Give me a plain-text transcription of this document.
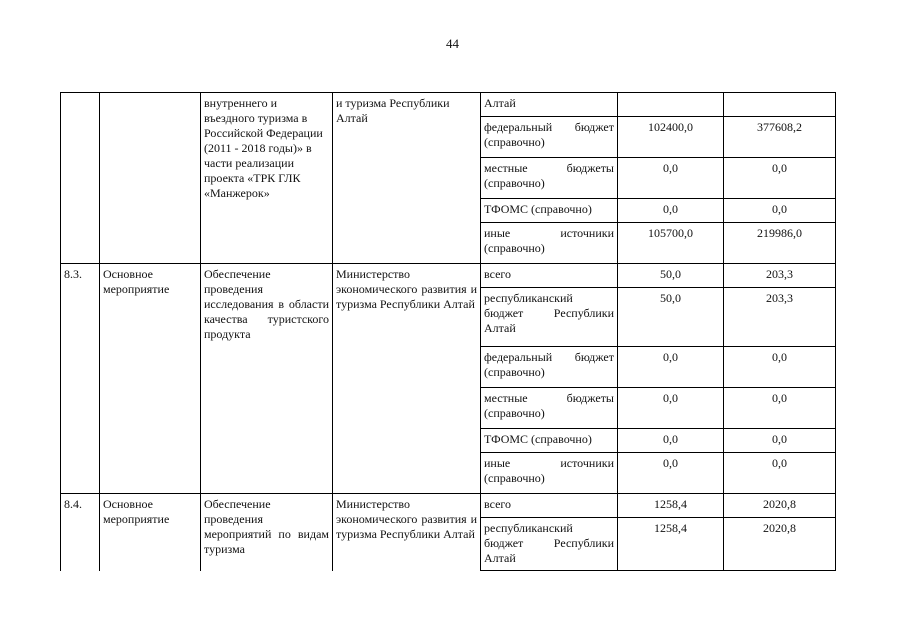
44
		внутреннего и въездного туризма в Российской Федерации (2011 - 2018 годы)» в части реализации проекта «ТРК ГЛК «Манжерок»	и туризма Республики Алтай	Алтай		
				федеральный бюджет (справочно)	102400,0	377608,2
				местные бюджеты (справочно)	0,0	0,0
				ТФОМС (справочно)	0,0	0,0
				иные источники (справочно)	105700,0	219986,0
8.3.	Основное мероприятие	Обеспечение проведения исследования в области качества туристского продукта	Министерство экономического развития и туризма Республики Алтай	всего	50,0	203,3
				республиканский бюджет Республики Алтай	50,0	203,3
				федеральный бюджет (справочно)	0,0	0,0
				местные бюджеты (справочно)	0,0	0,0
				ТФОМС (справочно)	0,0	0,0
				иные источники (справочно)	0,0	0,0
8.4.	Основное мероприятие	Обеспечение проведения мероприятий по видам туризма	Министерство экономического развития и туризма Республики Алтай	всего	1258,4	2020,8
				республиканский бюджет Республики Алтай	1258,4	2020,8
